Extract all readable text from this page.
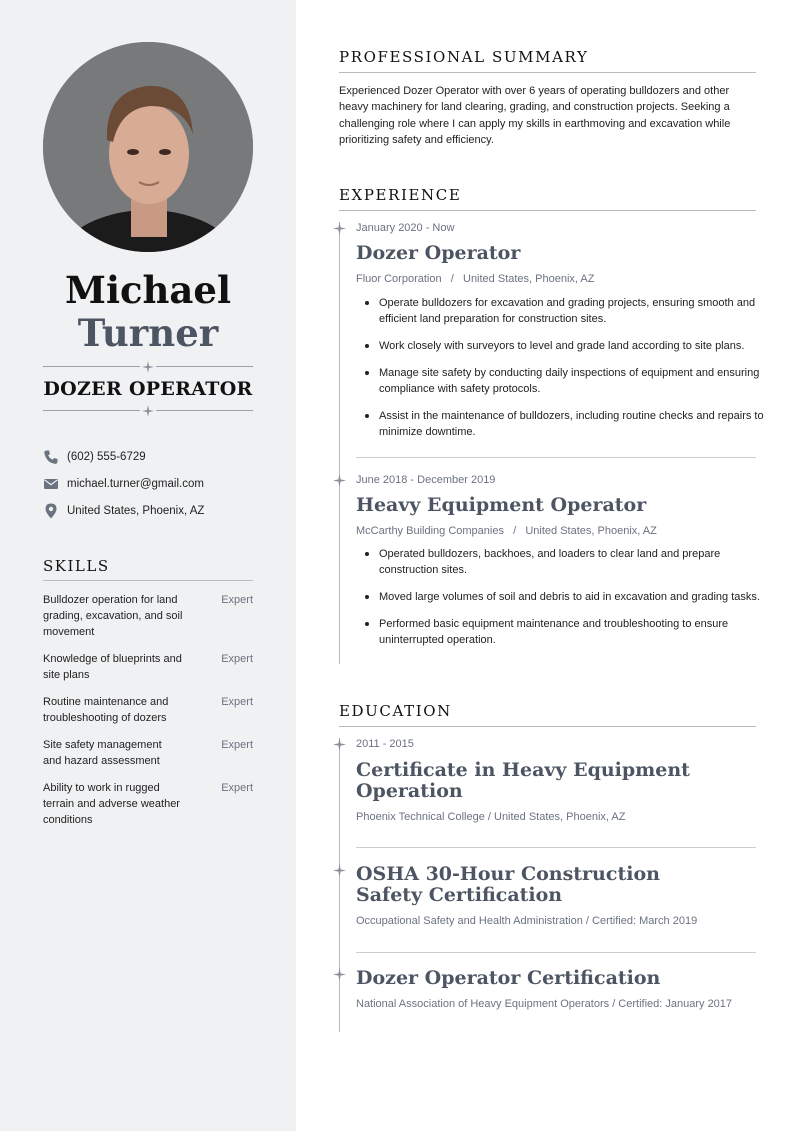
Michael
Turner
DOZER OPERATOR
(602) 555-6729
michael.turner@gmail.com
United States, Phoenix, AZ
SKILLS
Bulldozer operation for land grading, excavation, and soil movement
Expert
Knowledge of blueprints and site plans
Expert
Routine maintenance and troubleshooting of dozers
Expert
Site safety management and hazard assessment
Expert
Ability to work in rugged terrain and adverse weather conditions
Expert
PROFESSIONAL SUMMARY
Experienced Dozer Operator with over 6 years of operating bulldozers and other heavy machinery for land clearing, grading, and construction projects. Seeking a challenging role where I can apply my skills in earthmoving and excavation while prioritizing safety and efficiency.
EXPERIENCE
January 2020 - Now
Dozer Operator
Fluor Corporation   /   United States, Phoenix, AZ
Operate bulldozers for excavation and grading projects, ensuring smooth and efficient land preparation for construction sites.
Work closely with surveyors to level and grade land according to site plans.
Manage site safety by conducting daily inspections of equipment and ensuring compliance with safety protocols.
Assist in the maintenance of bulldozers, including routine checks and repairs to minimize downtime.
June 2018 - December 2019
Heavy Equipment Operator
McCarthy Building Companies   /   United States, Phoenix, AZ
Operated bulldozers, backhoes, and loaders to clear land and prepare construction sites.
Moved large volumes of soil and debris to aid in excavation and grading tasks.
Performed basic equipment maintenance and troubleshooting to ensure uninterrupted operation.
EDUCATION
2011 - 2015
Certificate in Heavy Equipment Operation
Phoenix Technical College / United States, Phoenix, AZ
OSHA 30-Hour Construction Safety Certification
Occupational Safety and Health Administration / Certified: March 2019
Dozer Operator Certification
National Association of Heavy Equipment Operators / Certified: January 2017
